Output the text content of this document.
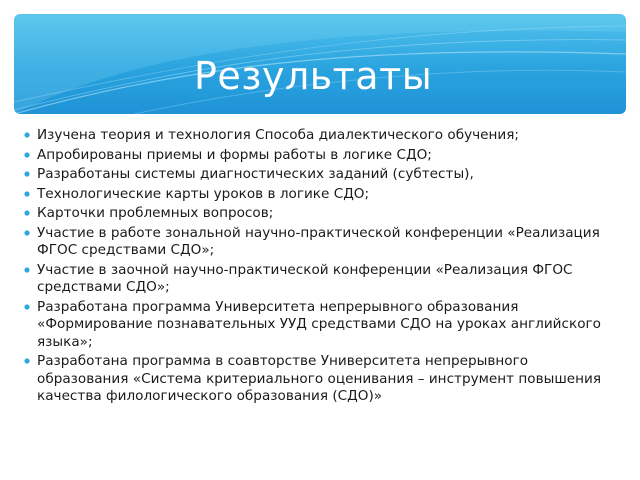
Результаты
Изучена теория и технология Способа диалектического обучения;
Апробированы приемы и формы работы в логике СДО;
Разработаны системы диагностических заданий (субтесты),
Технологические карты уроков в логике СДО;
Карточки проблемных вопросов;
Участие в работе зональной научно-практической конференции «Реализация ФГОС средствами СДО»;
Участие в заочной научно-практической конференции «Реализация ФГОС средствами СДО»;
Разработана программа Университета непрерывного образования «Формирование познавательных УУД средствами СДО на уроках английского языка»;
Разработана программа в соавторстве Университета непрерывного образования «Система критериального оценивания – инструмент повышения качества филологического образования (СДО)»
